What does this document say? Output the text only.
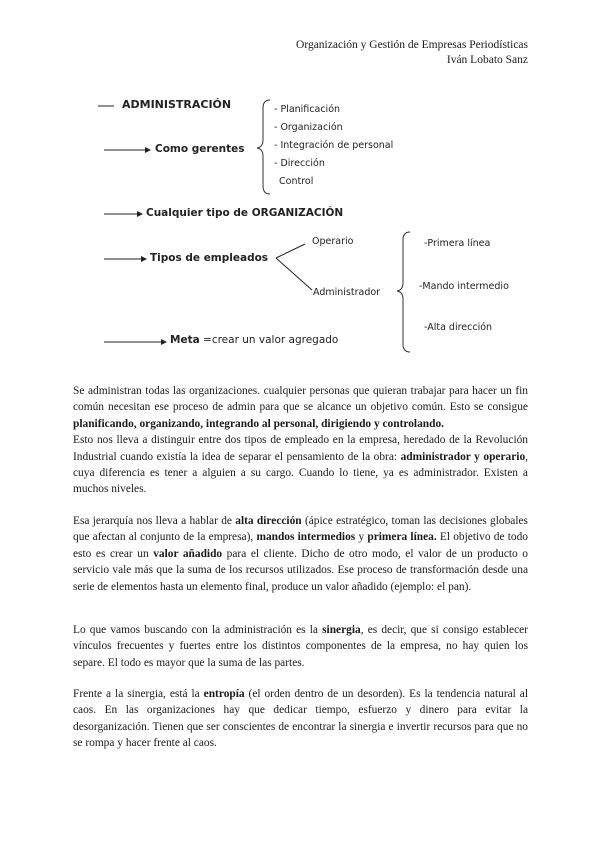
Organización y Gestión de Empresas Periodísticas
Iván Lobato Sanz
ADMINISTRACIÓN
Como gerentes
- Planificación
- Organización
- Integración de personal
- Dirección
Control
Cualquier tipo de ORGANIZACIÓN
Tipos de empleados
Operario
Administrador
-Primera línea
-Mando intermedio
-Alta dirección
Meta =crear un valor agregado

Se administran todas las organizaciones. cualquier personas que quieran trabajar para hacer un fin común necesitan ese proceso de admin para que se alcance un objetivo común. Esto se consigue planificando, organizando, integrando al personal, dirigiendo y controlando.

Esto nos lleva a distinguir entre dos tipos de empleado en la empresa, heredado de la Revolución Industrial cuando existía la idea de separar el pensamiento de la obra: administrador y operario, cuya diferencia es tener a alguien a su cargo. Cuando lo tiene, ya es administrador. Existen a muchos niveles.

Esa jerarquía nos lleva a hablar de alta dirección (ápice estratégico, toman las decisiones globales que afectan al conjunto de la empresa), mandos intermedios y primera línea. El objetivo de todo esto es crear un valor añadido para el cliente. Dicho de otro modo, el valor de un producto o servicio vale más que la suma de los recursos utilizados. Ese proceso de transformación desde una serie de elementos hasta un elemento final, produce un valor añadido (ejemplo: el pan).

Lo que vamos buscando con la administración es la sinergia, es decir, que si consigo establecer vínculos frecuentes y fuertes entre los distintos componentes de la empresa, no hay quien los separe. El todo es mayor que la suma de las partes.

Frente a la sinergia, está la entropía (el orden dentro de un desorden). Es la tendencia natural al caos. En las organizaciones hay que dedicar tiempo, esfuerzo y dinero para evitar la desorganización. Tienen que ser conscientes de encontrar la sinergia e invertir recursos para que no se rompa y hacer frente al caos.
